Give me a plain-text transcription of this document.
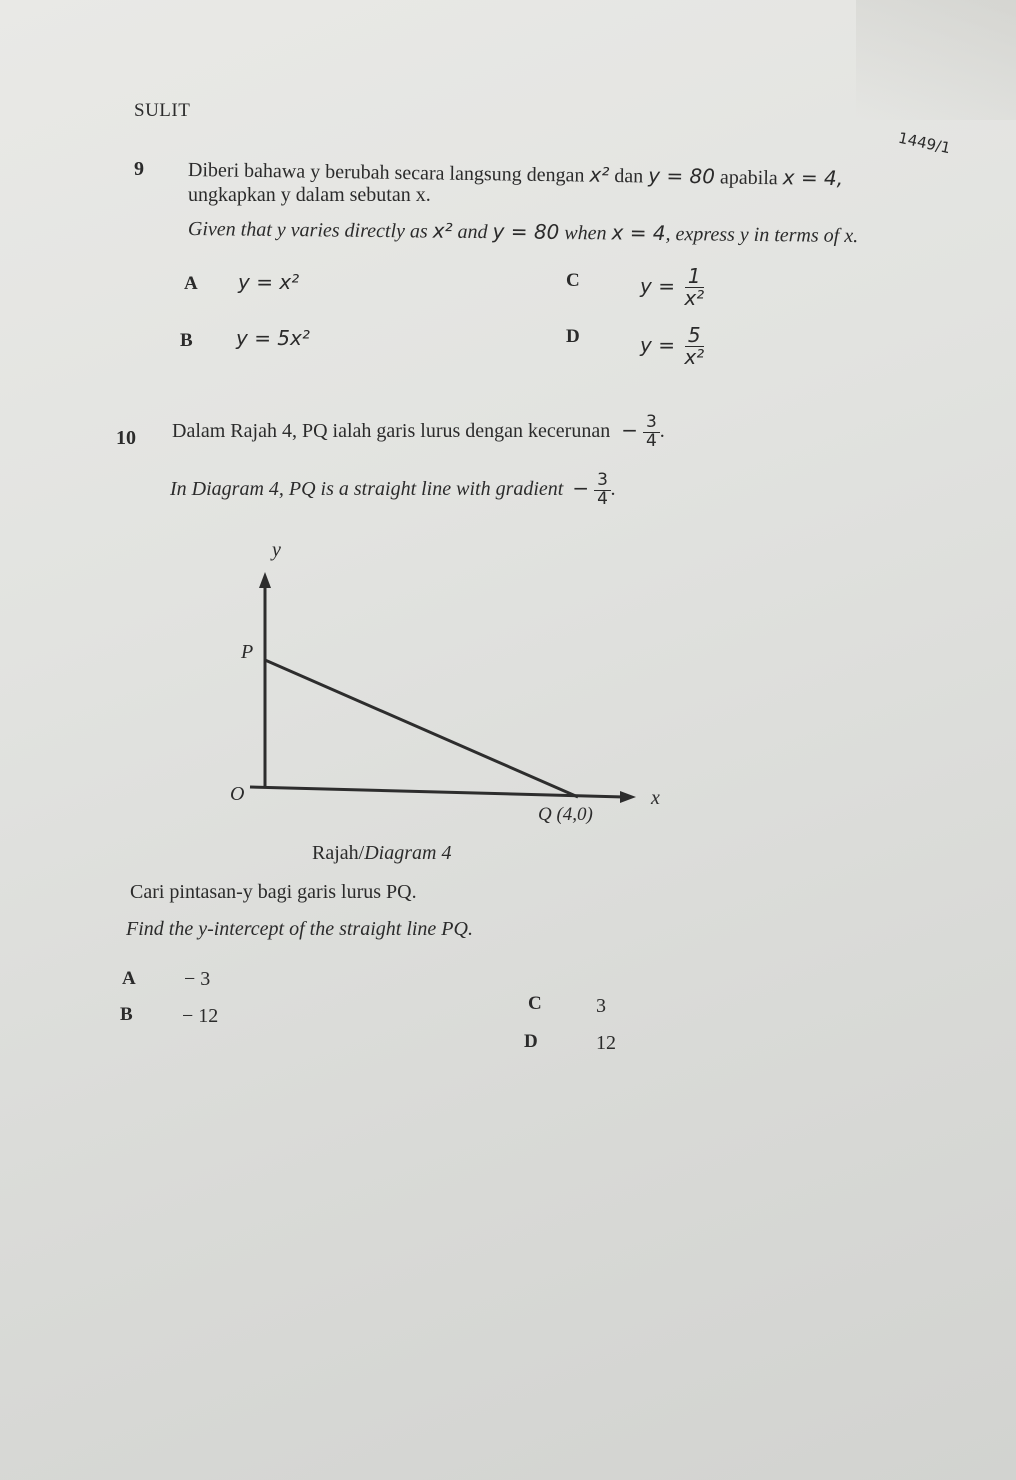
SULIT
1449/1
9 Diberi bahawa y berubah secara langsung dengan x² dan y = 80 apabila x = 4,
ungkapkan y dalam sebutan x.
Given that y varies directly as x² and y = 80 when x = 4, express y in terms of x.
A y = x²
B y = 5x²
C	$y = \frac{1}{\text{x²}}$
D	$y = \frac{5}{\text{x²}}$
10 Dalam Rajah 4, PQ ialah garis lurus dengan kecerunan − $\frac{3}{4}$ .
In Diagram 4, PQ is a straight line with gradient − $\frac{3}{4}$ .
y
x
O
P
Q (4,0)
Rajah/Diagram 4
Cari pintasan-y bagi garis lurus PQ.
Find the y-intercept of the straight line PQ.
A − 3
B − 12
C	3
D	12
